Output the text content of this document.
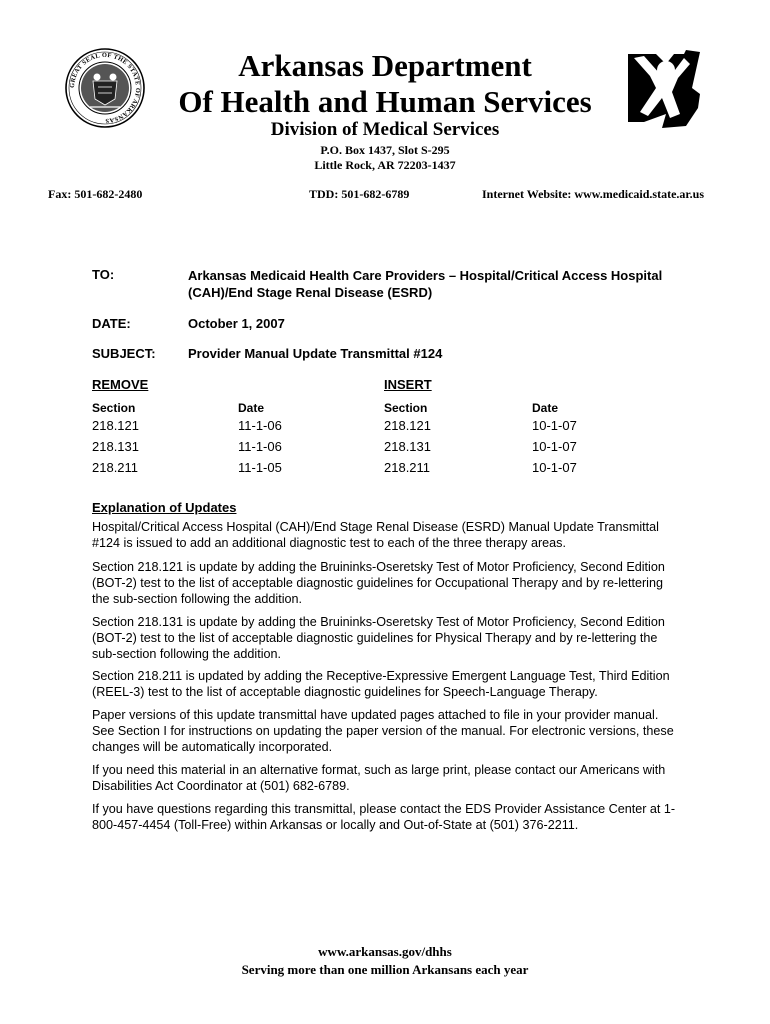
GREAT SEAL OF THE STATE OF ARKANSAS
Arkansas Department
Of Health and Human Services
Division of Medical Services
P.O. Box 1437, Slot S-295
Little Rock, AR 72203-1437
Fax: 501-682-2480	TDD: 501-682-6789	Internet Website: www.medicaid.state.ar.us
TO:	Arkansas Medicaid Health Care Providers – Hospital/Critical Access Hospital (CAH)/End Stage Renal Disease (ESRD)
DATE:	October 1, 2007
SUBJECT: Provider Manual Update Transmittal #124
REMOVE	INSERT
Section	Date	Section	Date
218.121	11-1-06	218.121	10-1-07
218.131	11-1-06	218.131	10-1-07
218.211	11-1-05	218.211	10-1-07
Explanation of Updates
Hospital/Critical Access Hospital (CAH)/End Stage Renal Disease (ESRD) Manual Update Transmittal #124 is issued to add an additional diagnostic test to each of the three therapy areas.
Section 218.121 is update by adding the Bruininks-Oseretsky Test of Motor Proficiency, Second Edition (BOT-2) test to the list of acceptable diagnostic guidelines for Occupational Therapy and by re-lettering the sub-section following the addition.
Section 218.131 is update by adding the Bruininks-Oseretsky Test of Motor Proficiency, Second Edition (BOT-2) test to the list of acceptable diagnostic guidelines for Physical Therapy and by re-lettering the sub-section following the addition.
Section 218.211 is updated by adding the Receptive-Expressive Emergent Language Test, Third Edition (REEL-3) test to the list of acceptable diagnostic guidelines for Speech-Language Therapy.
Paper versions of this update transmittal have updated pages attached to file in your provider manual. See Section I for instructions on updating the paper version of the manual. For electronic versions, these changes will be automatically incorporated.
If you need this material in an alternative format, such as large print, please contact our Americans with Disabilities Act Coordinator at (501) 682-6789.
If you have questions regarding this transmittal, please contact the EDS Provider Assistance Center at 1-800-457-4454 (Toll-Free) within Arkansas or locally and Out-of-State at (501) 376-2211.
www.arkansas.gov/dhhs
Serving more than one million Arkansans each year
